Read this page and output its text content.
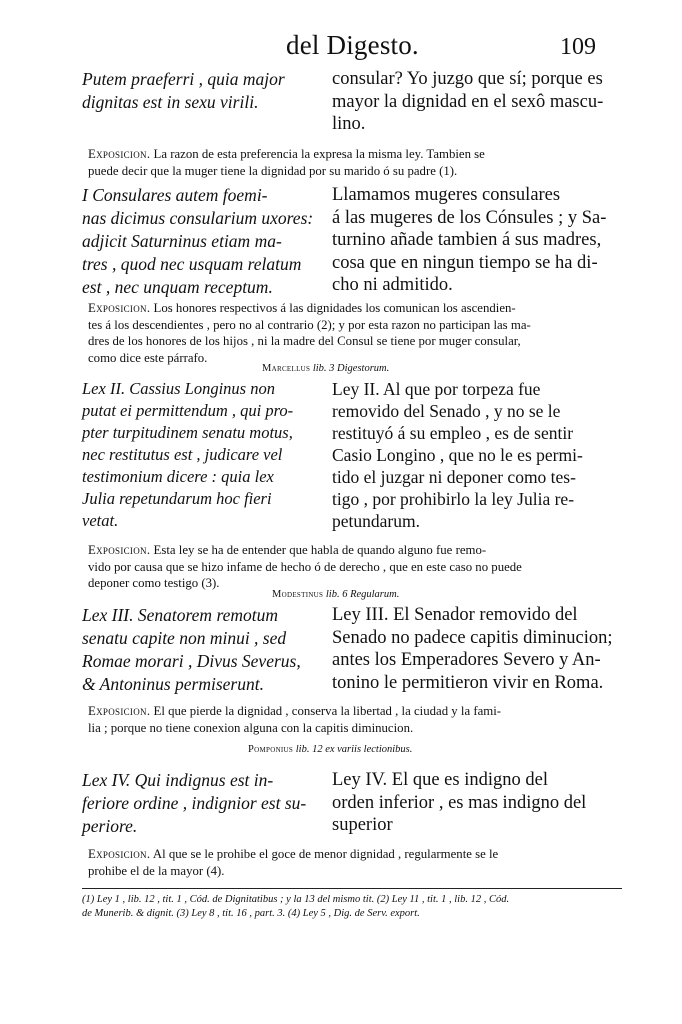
del Digesto.	109
Putem praeferri , quia major
dignitas est in sexu virili.
consular? Yo juzgo que sí; porque es
mayor la dignidad en el sexô mascu-
lino.
Exposicion. La razon de esta preferencia la expresa la misma ley. Tambien se
puede decir que la muger tiene la dignidad por su marido ó su padre (1).
I Consulares autem foemi-
nas dicimus consularium uxores:
adjicit Saturninus etiam ma-
tres , quod nec usquam relatum
est , nec unquam receptum.
Llamamos mugeres consulares
á las mugeres de los Cónsules ; y Sa-
turnino añade tambien á sus madres,
cosa que en ningun tiempo se ha di-
cho ni admitido.
Exposicion. Los honores respectivos á las dignidades los comunican los ascendien-
tes á los descendientes , pero no al contrario (2); y por esta razon no participan las ma-
dres de los honores de los hijos , ni la madre del Consul se tiene por muger consular,
como dice este párrafo.
Marcellus lib. 3 Digestorum.
Lex II. Cassius Longinus non
putat ei permittendum , qui pro-
pter turpitudinem senatu motus,
nec restitutus est , judicare vel
testimonium dicere : quia lex
Julia repetundarum hoc fieri
vetat.
Ley II. Al que por torpeza fue
removido del Senado , y no se le
restituyó á su empleo , es de sentir
Casio Longino , que no le es permi-
tido el juzgar ni deponer como tes-
tigo , por prohibirlo la ley Julia re-
petundarum.
Exposicion. Esta ley se ha de entender que habla de quando alguno fue remo-
vido por causa que se hizo infame de hecho ó de derecho , que en este caso no puede
deponer como testigo (3).
Modestinus lib. 6 Regularum.
Lex III. Senatorem remotum
senatu capite non minui , sed
Romae morari , Divus Severus,
& Antoninus permiserunt.
Ley III. El Senador removido del
Senado no padece capitis diminucion;
antes los Emperadores Severo y An-
tonino le permitieron vivir en Roma.
Exposicion. El que pierde la dignidad , conserva la libertad , la ciudad y la fami-
lia ; porque no tiene conexion alguna con la capitis diminucion.
Pomponius lib. 12 ex variis lectionibus.
Lex IV. Qui indignus est in-
feriore ordine , indignior est su-
periore.
Ley IV. El que es indigno del
orden inferior , es mas indigno del
superior
Exposicion. Al que se le prohibe el goce de menor dignidad , regularmente se le
prohibe el de la mayor (4).
(1) Ley 1 , lib. 12 , tit. 1 , Cód. de Dignitatibus ; y la 13 del mismo tit. (2) Ley 11 , tit. 1 , lib. 12 , Cód.
de Munerib. & dignit. (3) Ley 8 , tit. 16 , part. 3. (4) Ley 5 , Dig. de Serv. export.
